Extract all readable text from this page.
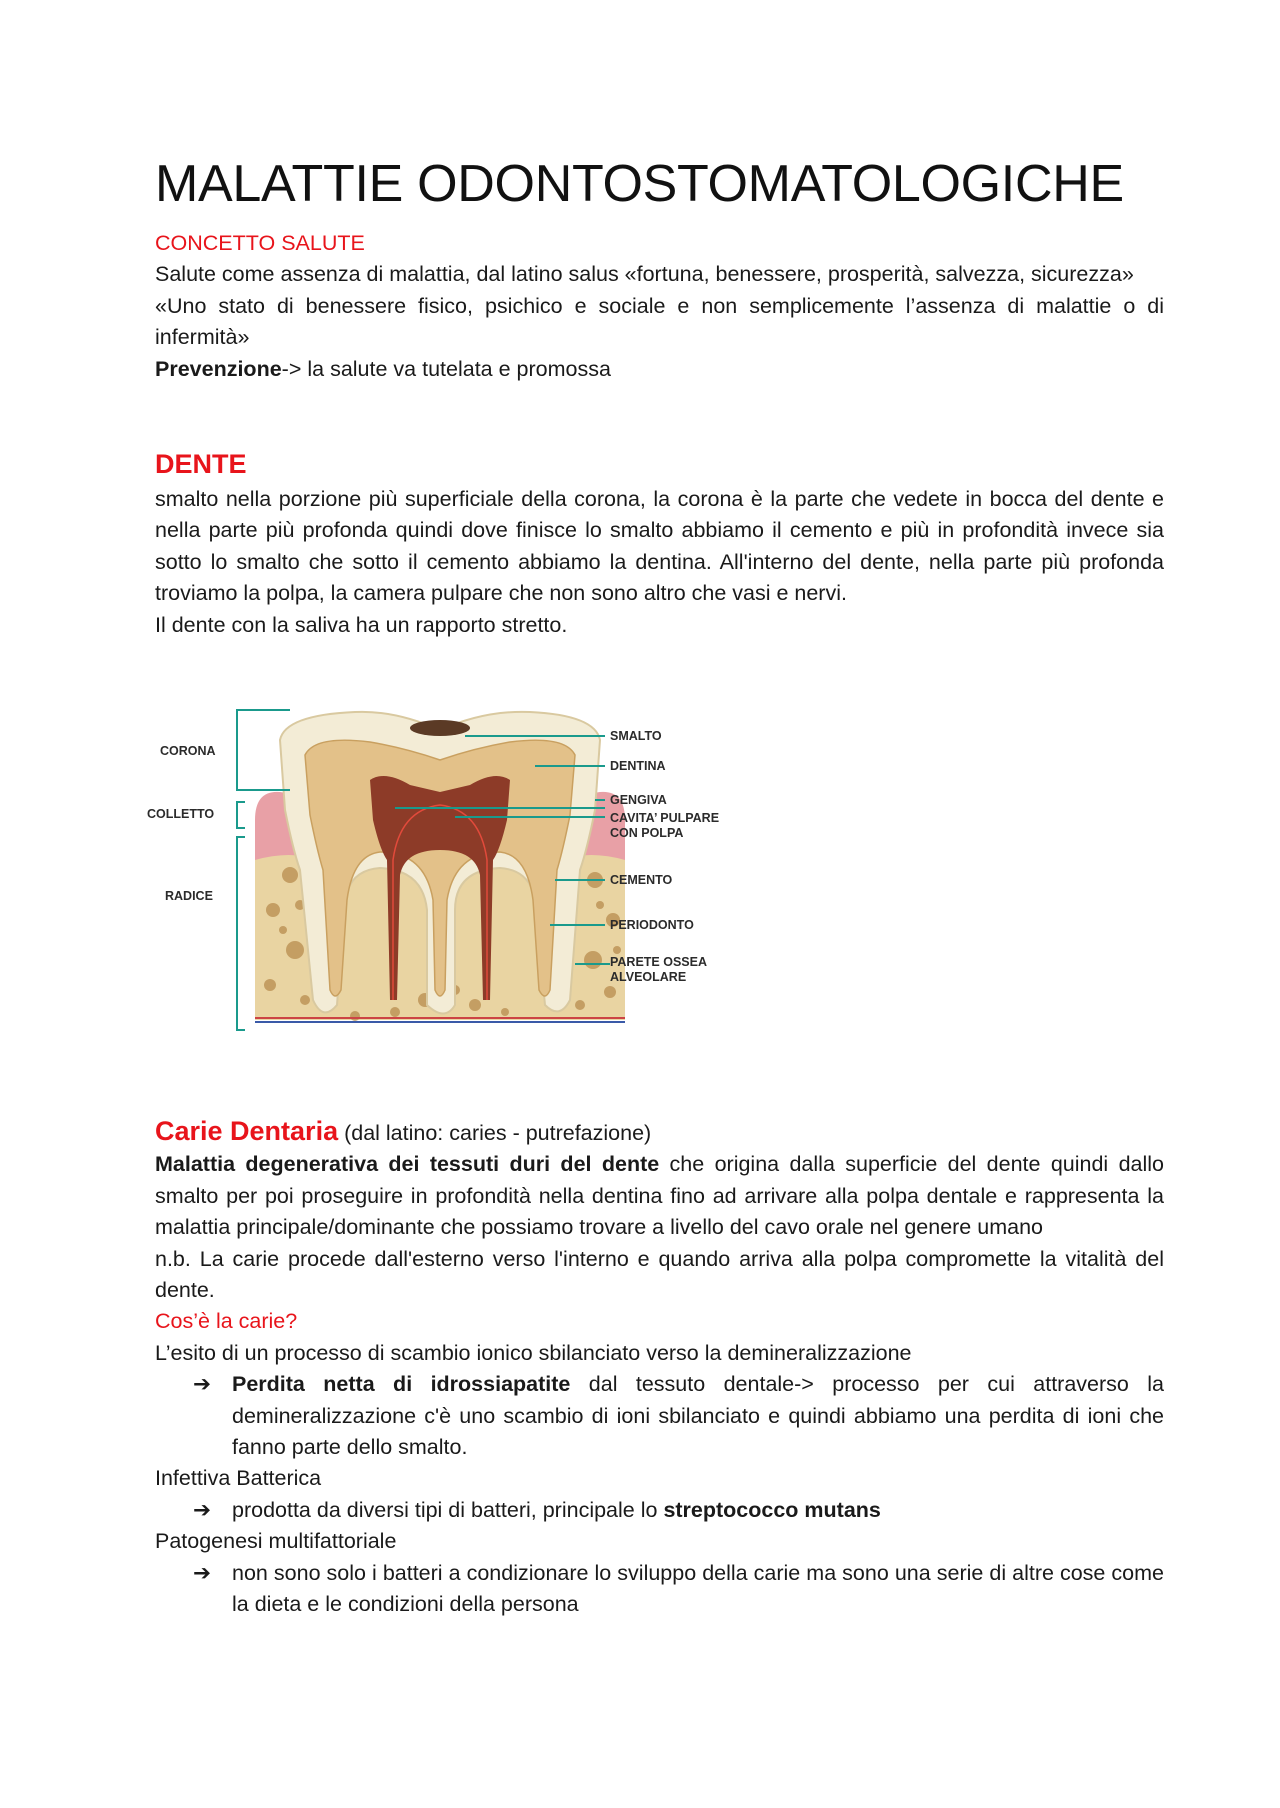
MALATTIE ODONTOSTOMATOLOGICHE

CONCETTO SALUTE

Salute come assenza di malattia, dal latino salus «fortuna, benessere, prosperità, salvezza, sicurezza»

«Uno stato di benessere fisico, psichico e sociale e non semplicemente l’assenza di malattie o di infermità»

Prevenzione-> la salute va tutelata e promossa

DENTE

smalto nella porzione più superficiale della corona, la corona è la parte che vedete in bocca del dente e nella parte più profonda quindi dove finisce lo smalto abbiamo il cemento e più in profondità invece sia sotto lo smalto che sotto il cemento abbiamo la dentina. All'interno del dente, nella parte più profonda troviamo la polpa, la camera pulpare che non sono altro che vasi e nervi.

Il dente con la saliva ha un rapporto stretto.

CORONA
COLLETTO
RADICE
SMALTO
DENTINA
GENGIVA
CAVITA’ PULPARE
CON POLPA
CEMENTO
PERIODONTO
PARETE OSSEA
ALVEOLARE

Carie Dentaria (dal latino: caries - putrefazione)

Malattia degenerativa dei tessuti duri del dente che origina dalla superficie del dente quindi dallo smalto per poi proseguire in profondità nella dentina fino ad arrivare alla polpa dentale e rappresenta la malattia principale/dominante che possiamo trovare a livello del cavo orale nel genere umano

n.b. La carie procede dall'esterno verso l'interno e quando arriva alla polpa compromette la vitalità del dente.

Cos’è la carie?

L’esito di un processo di scambio ionico sbilanciato verso la demineralizzazione

➔ Perdita netta di idrossiapatite dal tessuto dentale-> processo per cui attraverso la demineralizzazione c'è uno scambio di ioni sbilanciato e quindi abbiamo una perdita di ioni che fanno parte dello smalto.

Infettiva Batterica

➔ prodotta da diversi tipi di batteri, principale lo streptococco mutans

Patogenesi multifattoriale

➔ non sono solo i batteri a condizionare lo sviluppo della carie ma sono una serie di altre cose come la dieta e le condizioni della persona
